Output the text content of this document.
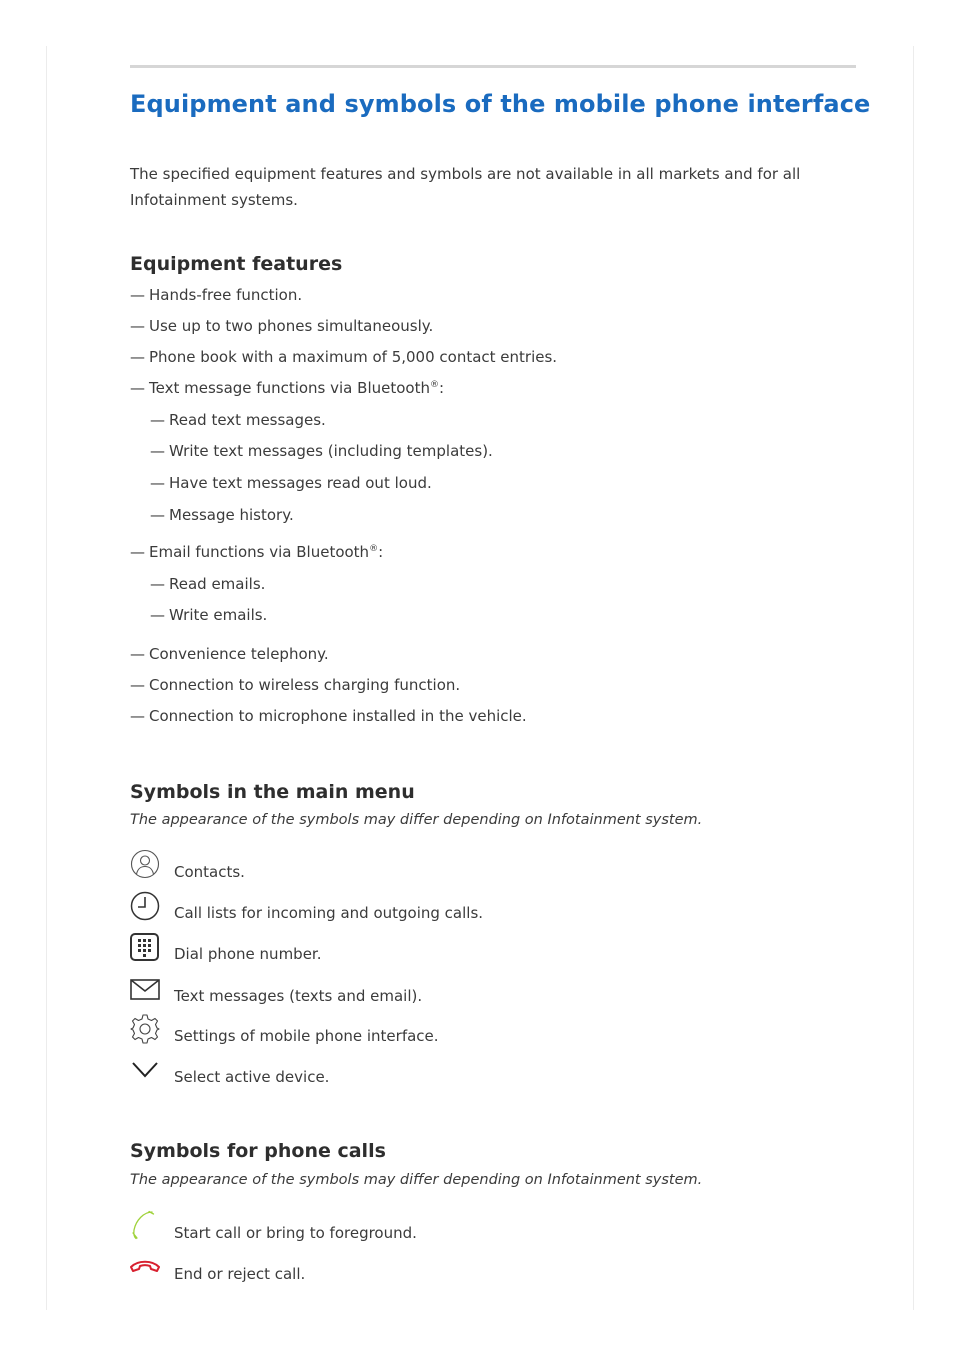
Equipment and symbols of the mobile phone interface

The specified equipment features and symbols are not available in all markets and for all Infotainment systems.

Equipment features
— Hands-free function.
— Use up to two phones simultaneously.
— Phone book with a maximum of 5,000 contact entries.
— Text message functions via Bluetooth®:
— Read text messages.
— Write text messages (including templates).
— Have text messages read out loud.
— Message history.
— Email functions via Bluetooth®:
— Read emails.
— Write emails.
— Convenience telephony.
— Connection to wireless charging function.
— Connection to microphone installed in the vehicle.
Symbols in the main menu

The appearance of the symbols may differ depending on Infotainment system.

Contacts.
Call lists for incoming and outgoing calls.
Dial phone number.
Text messages (texts and email).
Settings of mobile phone interface.
Select active device.
Symbols for phone calls

The appearance of the symbols may differ depending on Infotainment system.

Start call or bring to foreground.
End or reject call.
